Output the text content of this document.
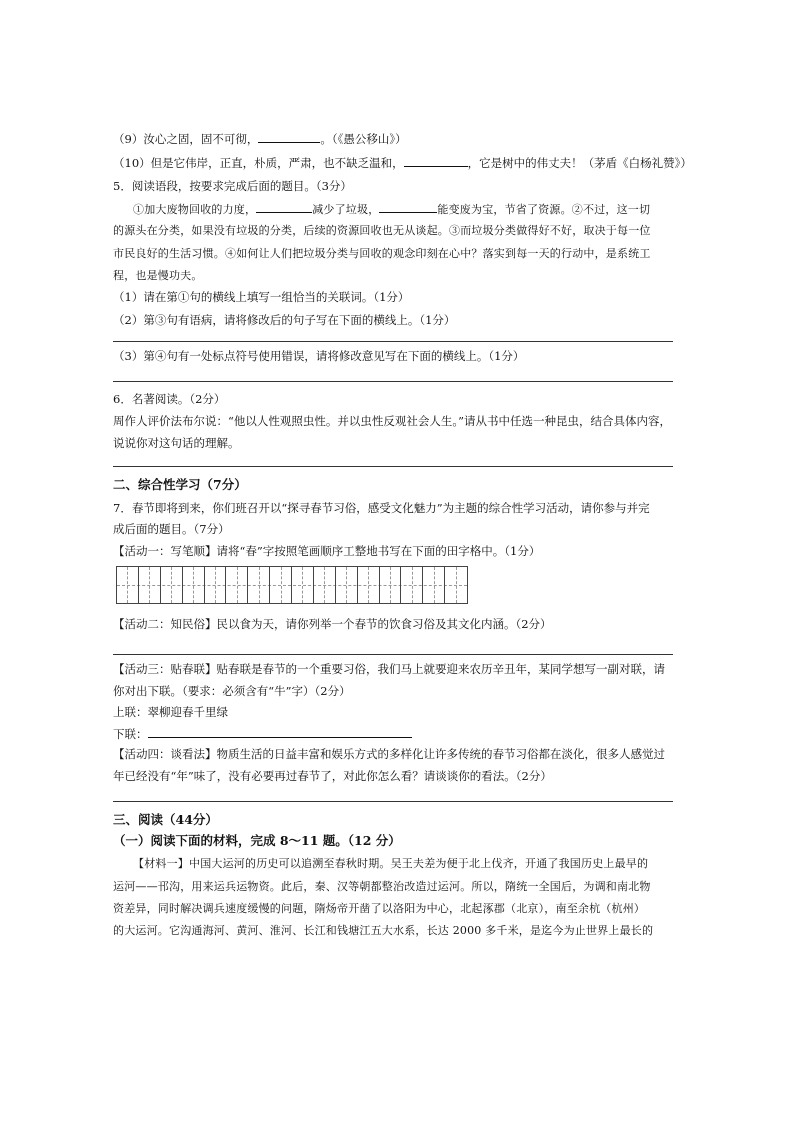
（9）汝心之固，固不可彻，	。（《愚公移山》）
（10）但是它伟岸，正直，朴质，严肃，也不缺乏温和，	，它是树中的伟丈夫！（茅盾《白杨礼赞》）
5．阅读语段，按要求完成后面的题目。（3分）
①加大废物回收的力度，	减少了垃圾，	能变废为宝，节省了资源。②不过，这一切
的源头在分类，如果没有垃圾的分类，后续的资源回收也无从谈起。③而垃圾分类做得好不好，取决于每一位
市民良好的生活习惯。④如何让人们把垃圾分类与回收的观念印刻在心中？落实到每一天的行动中，是系统工
程，也是慢功夫。
（1）请在第①句的横线上填写一组恰当的关联词。（1分）
（2）第③句有语病，请将修改后的句子写在下面的横线上。（1分）
（3）第④句有一处标点符号使用错误，请将修改意见写在下面的横线上。（1分）
6．名著阅读。（2分）
周作人评价法布尔说：“他以人性观照虫性。并以虫性反观社会人生。”请从书中任选一种昆虫，结合具体内容，
说说你对这句话的理解。
二、综合性学习（7分）
7．春节即将到来，你们班召开以“探寻春节习俗，感受文化魅力”为主题的综合性学习活动，请你参与并完
成后面的题目。（7分）
【活动一：写笔顺】请将“春”字按照笔画顺序工整地书写在下面的田字格中。（1分）
【活动二：知民俗】民以食为天，请你列举一个春节的饮食习俗及其文化内涵。（2分）
【活动三：贴春联】贴春联是春节的一个重要习俗，我们马上就要迎来农历辛丑年，某同学想写一副对联，请
你对出下联。（要求：必须含有“牛”字）（2分）
上联：翠柳迎春千里绿
下联：
【活动四：谈看法】物质生活的日益丰富和娱乐方式的多样化让许多传统的春节习俗都在淡化，很多人感觉过
年已经没有“年”味了，没有必要再过春节了，对此你怎么看？请谈谈你的看法。（2分）
三、阅读（44分）
（一）阅读下面的材料，完成 8～11 题。（12 分）
【材料一】中国大运河的历史可以追溯至春秋时期。吴王夫差为便于北上伐齐，开通了我国历史上最早的
运河——邗沟，用来运兵运物资。此后，秦、汉等朝都整治改造过运河。所以，隋统一全国后，为调和南北物
资差异，同时解决调兵速度缓慢的问题，隋炀帝开凿了以洛阳为中心，北起涿郡（北京），南至余杭（杭州）
的大运河。它沟通海河、黄河、淮河、长江和钱塘江五大水系，长达 2000 多千米，是迄今为止世界上最长的
